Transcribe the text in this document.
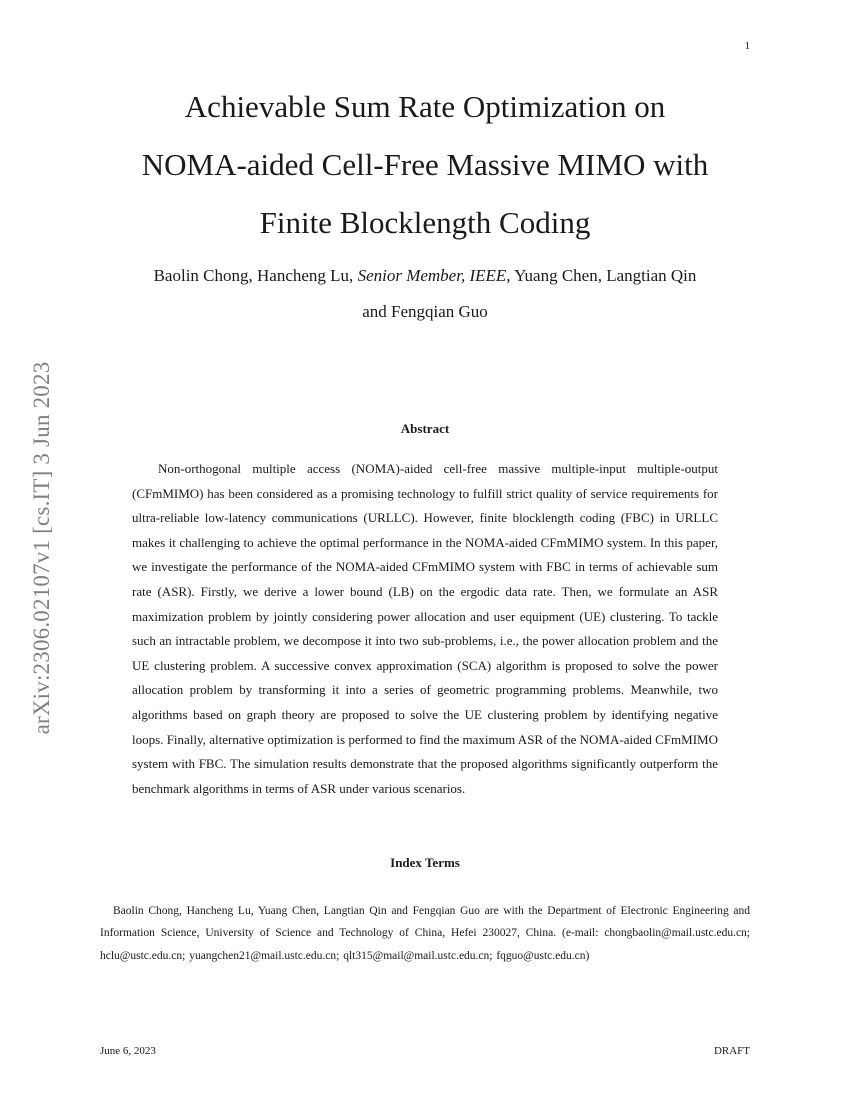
1
arXiv:2306.02107v1 [cs.IT] 3 Jun 2023
Achievable Sum Rate Optimization on
NOMA-aided Cell-Free Massive MIMO with
Finite Blocklength Coding
Baolin Chong, Hancheng Lu, Senior Member, IEEE, Yuang Chen, Langtian Qin
and Fengqian Guo
Abstract

Non-orthogonal multiple access (NOMA)-aided cell-free massive multiple-input multiple-output (CFmMIMO) has been considered as a promising technology to fulfill strict quality of service requirements for ultra-reliable low-latency communications (URLLC). However, finite blocklength coding (FBC) in URLLC makes it challenging to achieve the optimal performance in the NOMA-aided CFmMIMO system. In this paper, we investigate the performance of the NOMA-aided CFmMIMO system with FBC in terms of achievable sum rate (ASR). Firstly, we derive a lower bound (LB) on the ergodic data rate. Then, we formulate an ASR maximization problem by jointly considering power allocation and user equipment (UE) clustering. To tackle such an intractable problem, we decompose it into two sub-problems, i.e., the power allocation problem and the UE clustering problem. A successive convex approximation (SCA) algorithm is proposed to solve the power allocation problem by transforming it into a series of geometric programming problems. Meanwhile, two algorithms based on graph theory are proposed to solve the UE clustering problem by identifying negative loops. Finally, alternative optimization is performed to find the maximum ASR of the NOMA-aided CFmMIMO system with FBC. The simulation results demonstrate that the proposed algorithms significantly outperform the benchmark algorithms in terms of ASR under various scenarios.

Index Terms

Baolin Chong, Hancheng Lu, Yuang Chen, Langtian Qin and Fengqian Guo are with the Department of Electronic Engineering and Information Science, University of Science and Technology of China, Hefei 230027, China. (e-mail: chongbaolin@mail.ustc.edu.cn; hclu@ustc.edu.cn; yuangchen21@mail.ustc.edu.cn; qlt315@mail@mail.ustc.edu.cn; fqguo@ustc.edu.cn)

June 6, 2023	DRAFT
